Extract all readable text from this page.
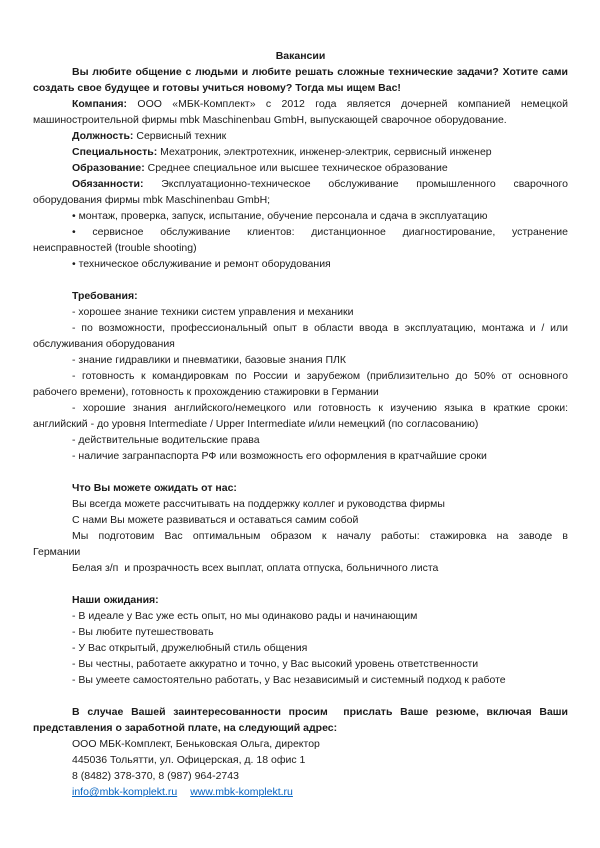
Вакансии
Вы любите общение с людьми и любите решать сложные технические задачи? Хотите сами
создать свое будущее и готовы учиться новому? Тогда мы ищем Вас!
Компания: ООО «МБК-Комплект» с 2012 года является дочерней компанией немецкой
машиностроительной фирмы mbk Maschinenbau GmbH, выпускающей сварочное оборудование.
Должность: Сервисный техник
Специальность: Мехатроник, электротехник, инженер-электрик, сервисный инженер
Образование: Среднее специальное или высшее техническое образование
Обязанности: Эксплуатационно-техническое обслуживание промышленного сварочного
оборудования фирмы mbk Maschinenbau GmbH;
• монтаж, проверка, запуск, испытание, обучение персонала и сдача в эксплуатацию
• сервисное обслуживание клиентов: дистанционное диагностирование, устранение
неисправностей (trouble shooting)
• техническое обслуживание и ремонт оборудования
Требования:
- хорошее знание техники систем управления и механики
- по возможности, профессиональный опыт в области ввода в эксплуатацию, монтажа и / или
обслуживания оборудования
- знание гидравлики и пневматики, базовые знания ПЛК
- готовность к командировкам по России и зарубежом (приблизительно до 50% от основного
рабочего времени), готовность к прохождению стажировки в Германии
- хорошие знания английского/немецкого или готовность к изучению языка в краткие сроки:
английский - до уровня Intermediate / Upper Intermediate и/или немецкий (по согласованию)
- действительные водительские права
- наличие загранпаспорта РФ или возможность его оформления в кратчайшие сроки
Что Вы можете ожидать от нас:
Вы всегда можете рассчитывать на поддержку коллег и руководства фирмы
С нами Вы можете развиваться и оставаться самим собой
Мы подготовим Вас оптимальным образом к началу работы: стажировка на заводе в
Германии
Белая з/п  и прозрачность всех выплат, оплата отпуска, больничного листа
Наши ожидания:
- В идеале у Вас уже есть опыт, но мы одинаково рады и начинающим
- Вы любите путешествовать
- У Вас открытый, дружелюбный стиль общения
- Вы честны, работаете аккуратно и точно, у Вас высокий уровень ответственности
- Вы умеете самостоятельно работать, у Вас независимый и системный подход к работе
В случае Вашей заинтересованности просим  прислать Ваше резюме, включая Ваши
представления о заработной плате, на следующий адрес:
ООО МБК-Комплект, Беньковская Ольга, директор
445036 Тольятти, ул. Офицерская, д. 18 офис 1
8 (8482) 378-370, 8 (987) 964-2743
info@mbk-komplekt.ru www.mbk-komplekt.ru
